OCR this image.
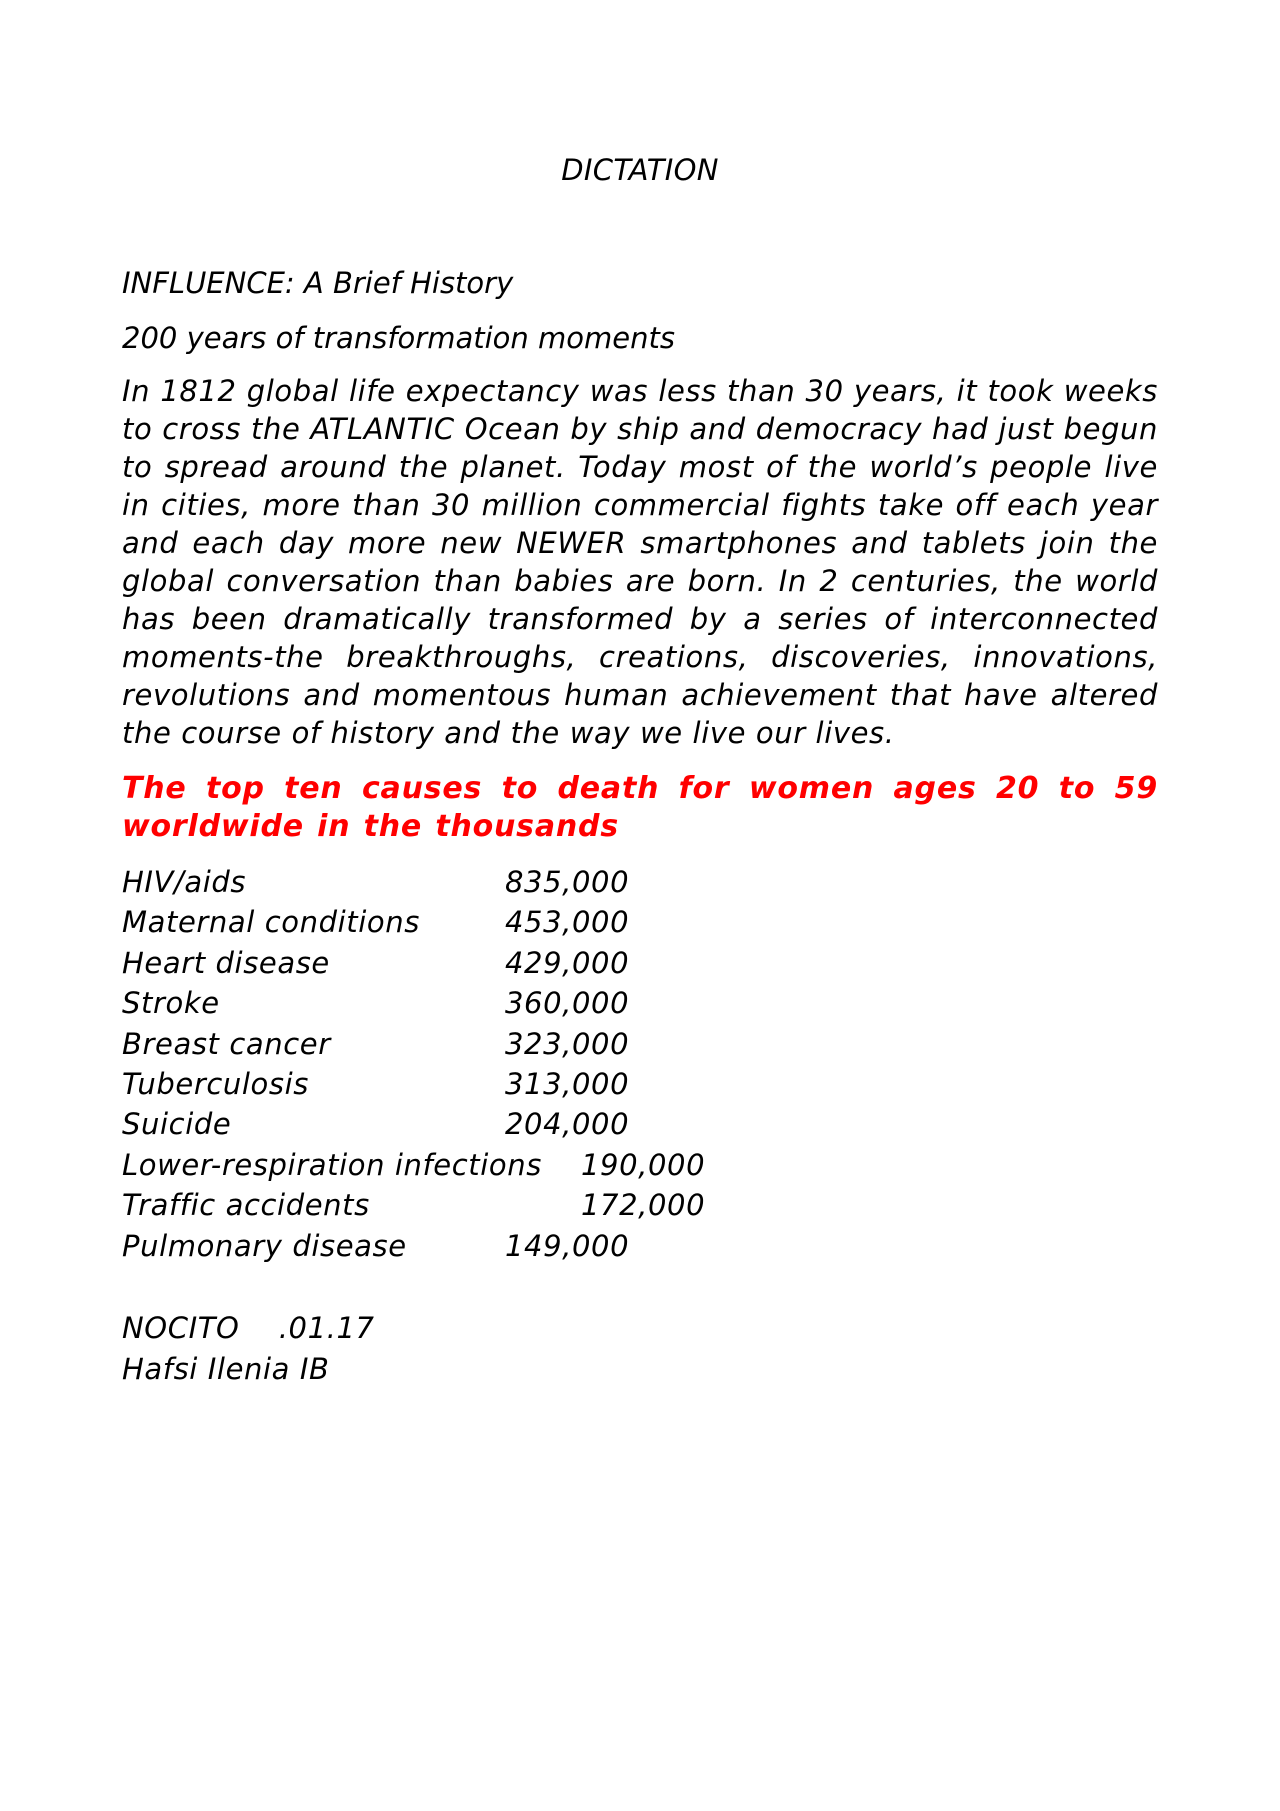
DICTATION
INFLUENCE: A Brief History
200 years of transformation moments
In 1812 global life expectancy was less than 30 years, it took weeks to cross the ATLANTIC Ocean by ship and democracy had just begun to spread around the planet. Today most of the world’s people live in cities, more than 30 million commercial fights take off each year and each day more new NEWER smartphones and tablets join the global conversation than babies are born. In 2 centuries, the world has been dramatically transformed by a series of interconnected moments-the breakthroughs, creations, discoveries, innovations, revolutions and momentous human achievement that have altered the course of history and the way we live our lives.
The top ten causes to death for women ages 20 to 59 worldwide in the thousands
HIV/aids	835,000
Maternal conditions	453,000
Heart disease	429,000
Stroke	360,000
Breast cancer	323,000
Tuberculosis	313,000
Suicide	204,000
Lower-respiration infections 190,000
Traffic accidents	172,000
Pulmonary disease	149,000
NOCITO    .01.17
Hafsi Ilenia IB
